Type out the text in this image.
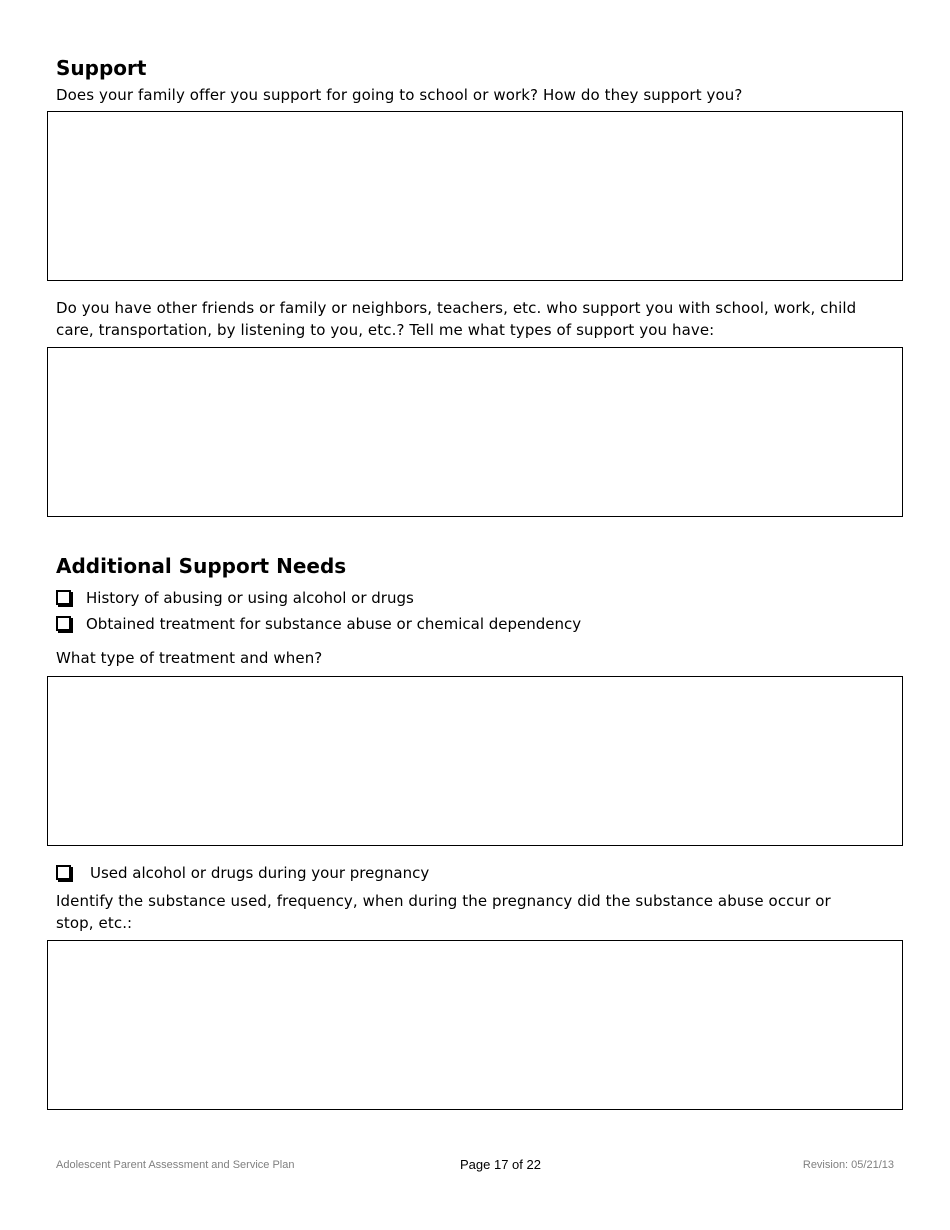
Support
Does your family offer you support for going to school or work? How do they support you?
Do you have other friends or family or neighbors, teachers, etc. who support you with school, work, child
care, transportation, by listening to you, etc.? Tell me what types of support you have:
Additional Support Needs
History of abusing or using alcohol or drugs
Obtained treatment for substance abuse or chemical dependency
What type of treatment and when?
Used alcohol or drugs during your pregnancy
Identify the substance used, frequency, when during the pregnancy did the substance abuse occur or
stop, etc.:
Adolescent Parent Assessment and Service Plan	Page 17 of 22	Revision: 05/21/13
